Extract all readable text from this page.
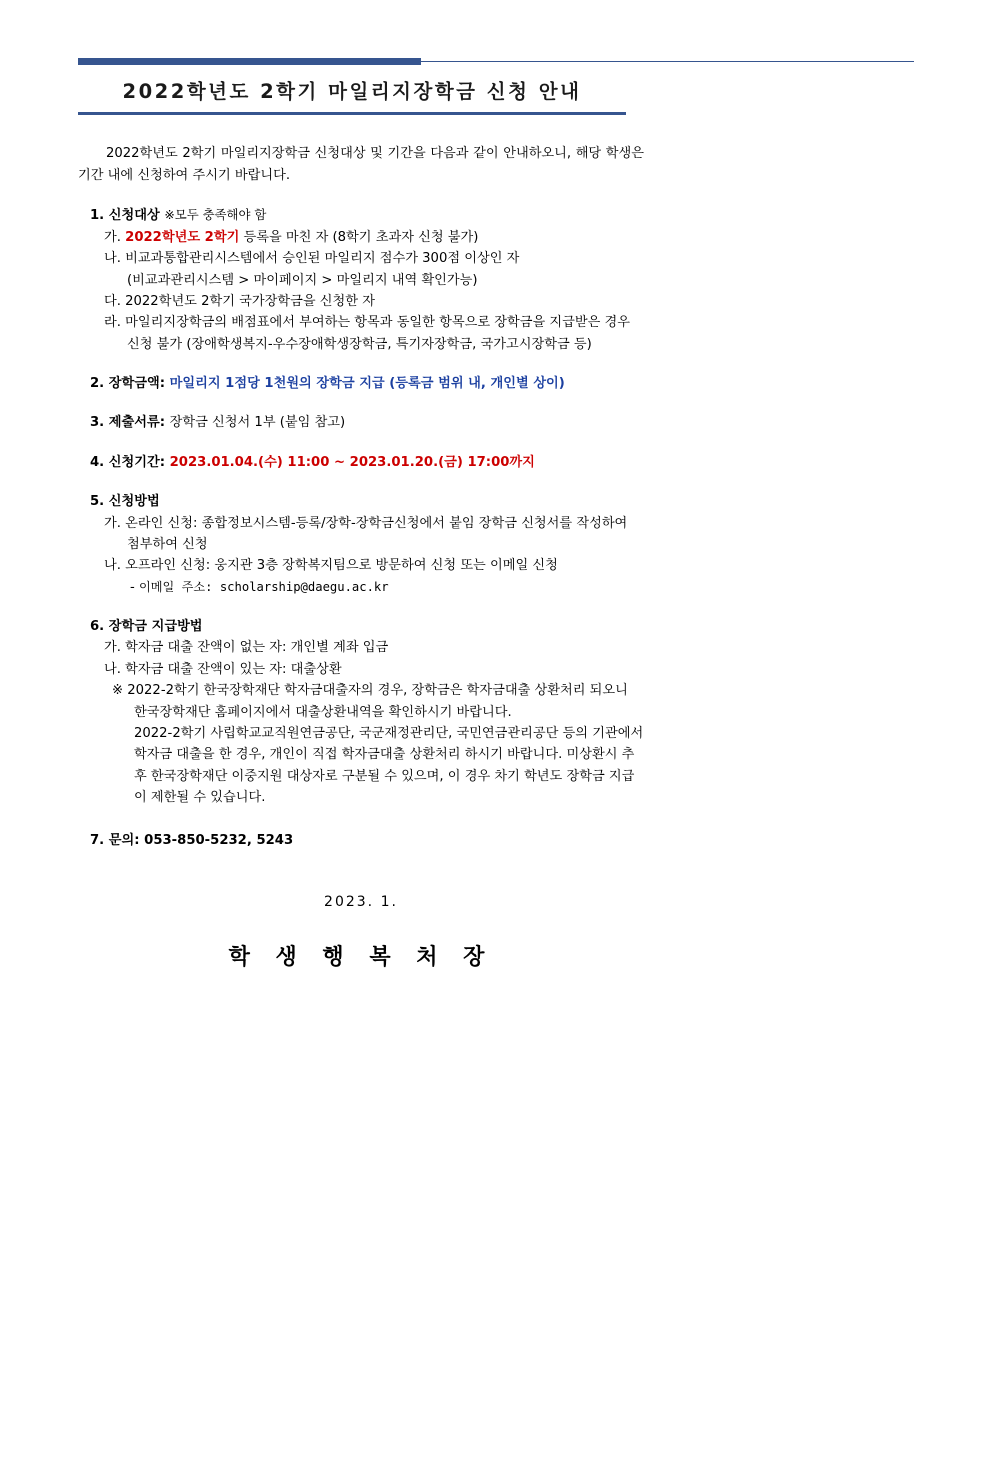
2022학년도 2학기 마일리지장학금 신청 안내
2022학년도 2학기 마일리지장학금 신청대상 및 기간을 다음과 같이 안내하오니, 해당 학생은 기간 내에 신청하여 주시기 바랍니다.
1. 신청대상 ※모두 충족해야 함
가. 2022학년도 2학기 등록을 마친 자 (8학기 초과자 신청 불가)
나. 비교과통합관리시스템에서 승인된 마일리지 점수가 300점 이상인 자
(비교과관리시스템 > 마이페이지 > 마일리지 내역 확인가능)
다. 2022학년도 2학기 국가장학금을 신청한 자
라. 마일리지장학금의 배점표에서 부여하는 항목과 동일한 항목으로 장학금을 지급받은 경우 신청 불가 (장애학생복지-우수장애학생장학금, 특기자장학금, 국가고시장학금 등)
2. 장학금액: 마일리지 1점당 1천원의 장학금 지급 (등록금 범위 내, 개인별 상이)
3. 제출서류: 장학금 신청서 1부 (붙임 참고)
4. 신청기간: 2023.01.04.(수) 11:00 ~ 2023.01.20.(금) 17:00까지
5. 신청방법
가. 온라인 신청: 종합정보시스템-등록/장학-장학금신청에서 붙임 장학금 신청서를 작성하여 첨부하여 신청
나. 오프라인 신청: 웅지관 3층 장학복지팀으로 방문하여 신청 또는 이메일 신청
- 이메일 주소: scholarship@daegu.ac.kr
6. 장학금 지급방법
가. 학자금 대출 잔액이 없는 자: 개인별 계좌 입금
나. 학자금 대출 잔액이 있는 자: 대출상환
※ 2022-2학기 한국장학재단 학자금대출자의 경우, 장학금은 학자금대출 상환처리 되오니 한국장학재단 홈페이지에서 대출상환내역을 확인하시기 바랍니다.
2022-2학기 사립학교교직원연금공단, 국군재정관리단, 국민연금관리공단 등의 기관에서 학자금 대출을 한 경우, 개인이 직접 학자금대출 상환처리 하시기 바랍니다. 미상환시 추후 한국장학재단 이중지원 대상자로 구분될 수 있으며, 이 경우 차기 학년도 장학금 지급이 제한될 수 있습니다.
7. 문의: 053-850-5232, 5243
2023. 1.
학 생 행 복 처 장
